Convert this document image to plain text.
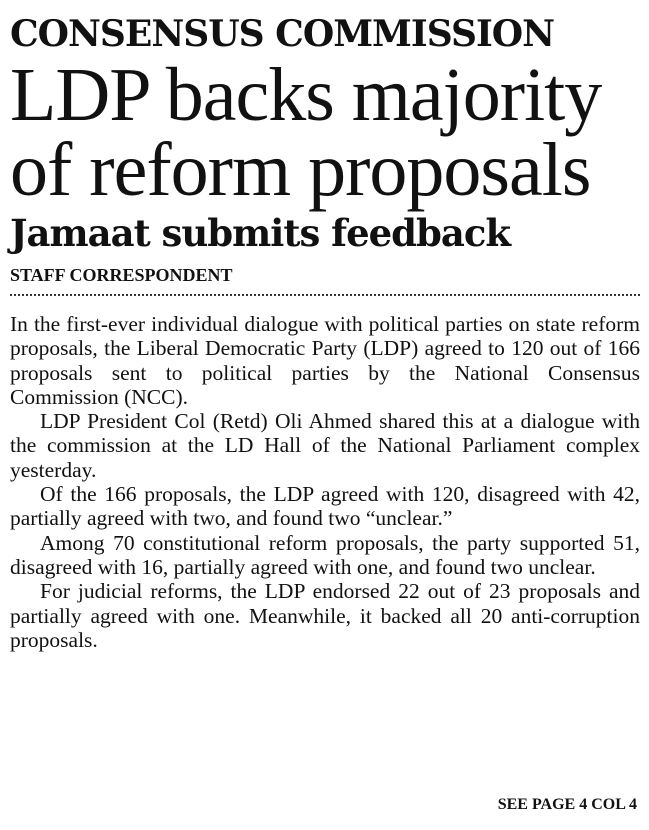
CONSENSUS COMMISSION
LDP backs majority
of reform proposals
Jamaat submits feedback
STAFF CORRESPONDENT

In the first-ever individual dialogue with political parties on state reform proposals, the Liberal Democratic Party (LDP) agreed to 120 out of 166 proposals sent to political parties by the National Consensus Commission (NCC).

LDP President Col (Retd) Oli Ahmed shared this at a dialogue with the commission at the LD Hall of the National Parliament complex yesterday.

Of the 166 proposals, the LDP agreed with 120, disagreed with 42, partially agreed with two, and found two “unclear.”

Among 70 constitutional reform proposals, the party supported 51, disagreed with 16, partially agreed with one, and found two unclear.

For judicial reforms, the LDP endorsed 22 out of 23 proposals and partially agreed with one. Meanwhile, it backed all 20 anti-corruption proposals.

SEE PAGE 4 COL 4
